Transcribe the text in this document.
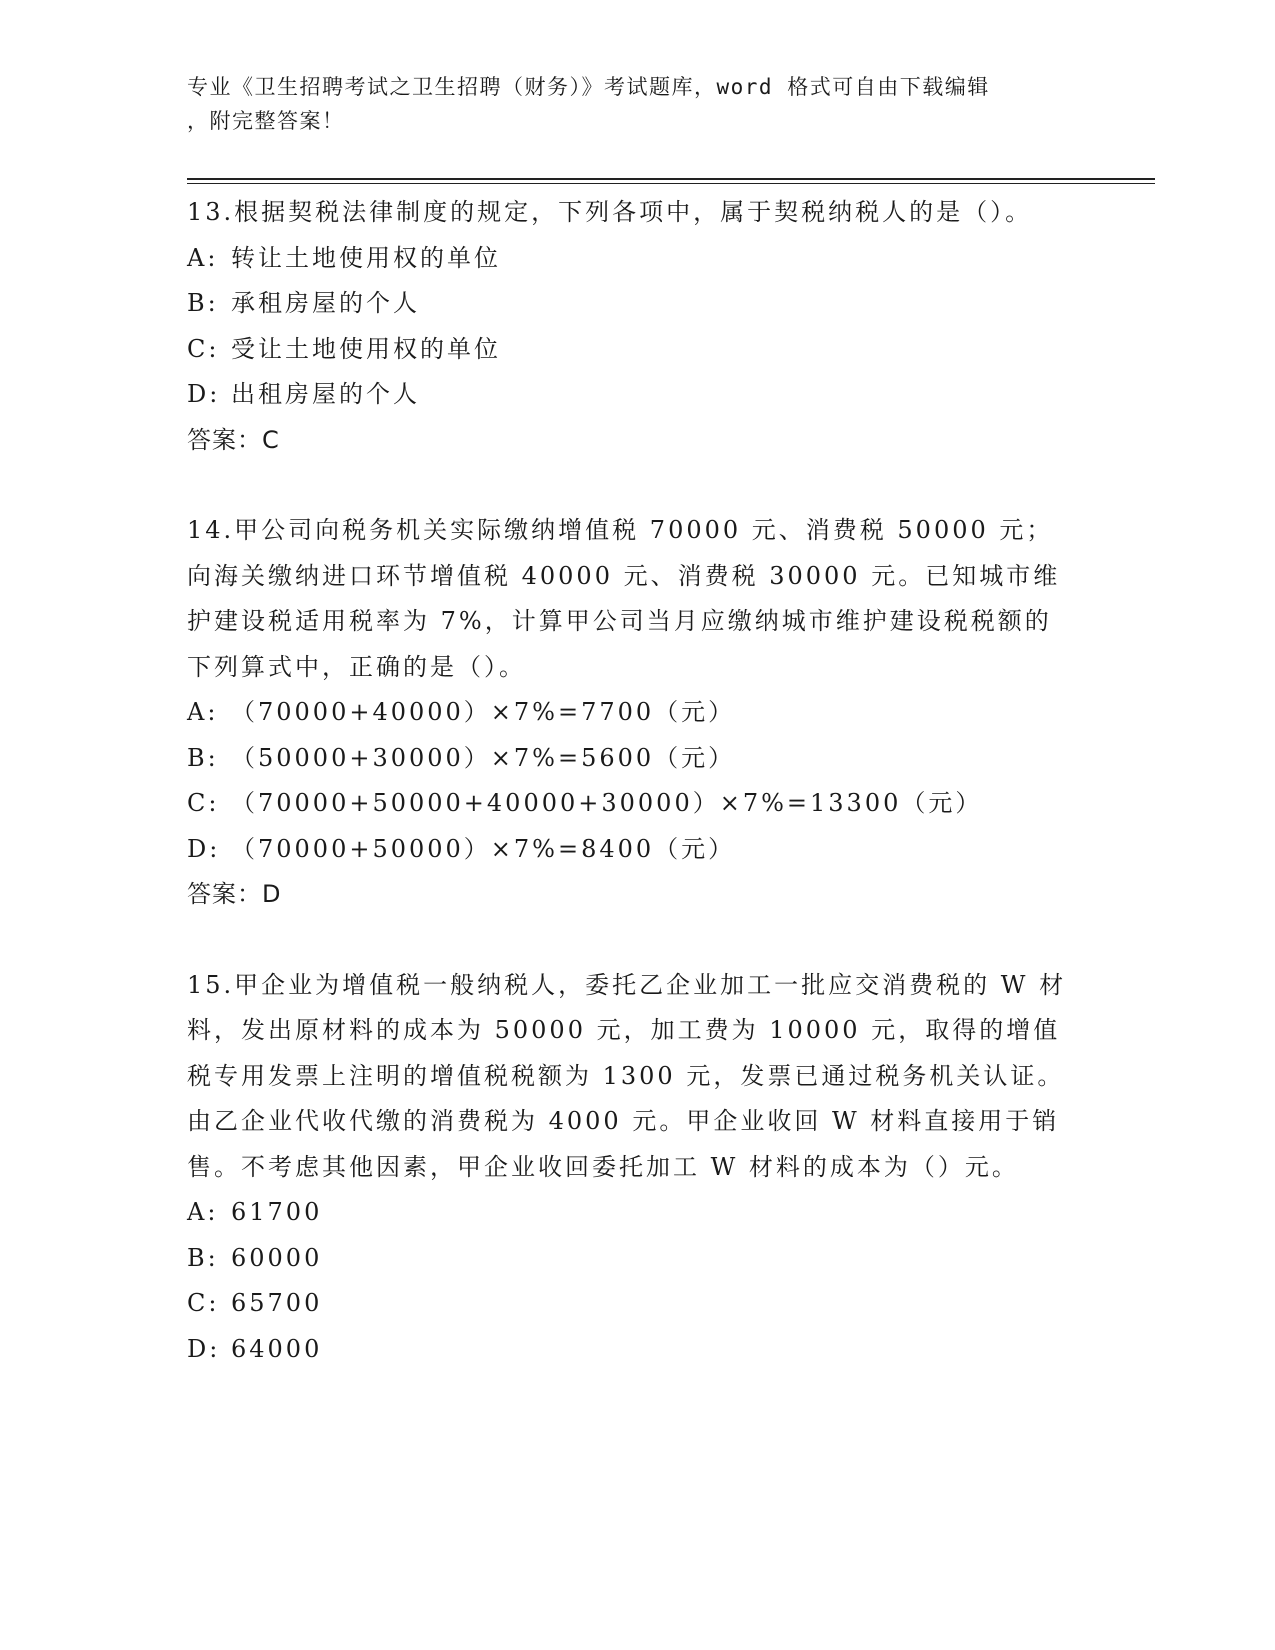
专业《卫生招聘考试之卫生招聘（财务）》考试题库，word 格式可自由下载编辑
，附完整答案！

13.根据契税法律制度的规定，下列各项中，属于契税纳税人的是（）。

A: 转让土地使用权的单位

B: 承租房屋的个人

C: 受让土地使用权的单位

D: 出租房屋的个人

答案：C

14.甲公司向税务机关实际缴纳增值税 70000 元、消费税 50000 元；向海关缴纳进口环节增值税 40000 元、消费税 30000 元。已知城市维护建设税适用税率为 7%，计算甲公司当月应缴纳城市维护建设税税额的下列算式中，正确的是（）。

A: （70000+40000）×7%=7700（元）

B: （50000+30000）×7%=5600（元）

C: （70000+50000+40000+30000）×7%=13300（元）

D: （70000+50000）×7%=8400（元）

答案：D

15.甲企业为增值税一般纳税人，委托乙企业加工一批应交消费税的 W 材料，发出原材料的成本为 50000 元，加工费为 10000 元，取得的增值税专用发票上注明的增值税税额为 1300 元，发票已通过税务机关认证。由乙企业代收代缴的消费税为 4000 元。甲企业收回 W 材料直接用于销售。不考虑其他因素，甲企业收回委托加工 W 材料的成本为（）元。

A: 61700

B: 60000

C: 65700

D: 64000
